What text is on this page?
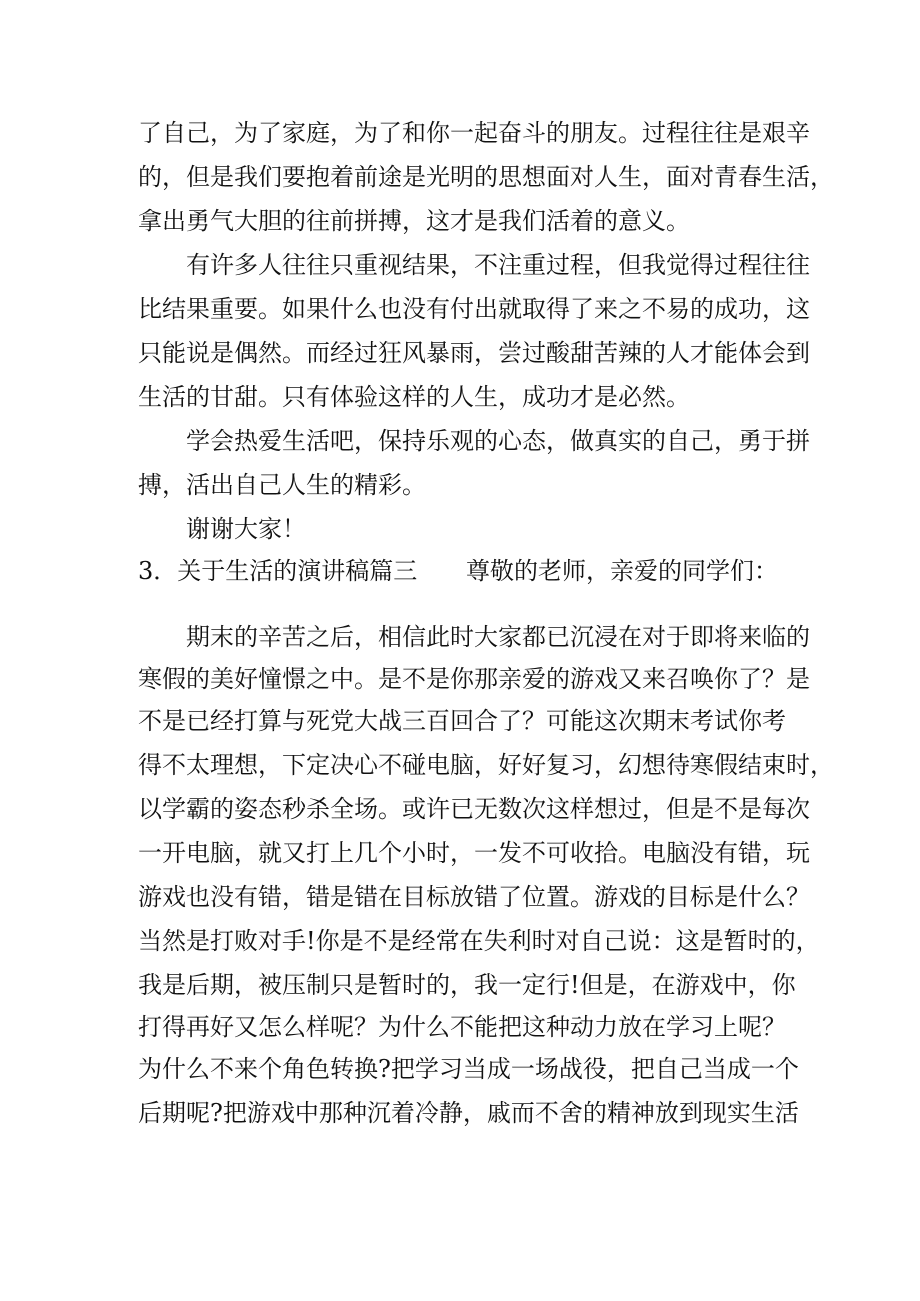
了自己，为了家庭，为了和你一起奋斗的朋友。过程往往是艰辛
的，但是我们要抱着前途是光明的思想面对人生，面对青春生活，
拿出勇气大胆的往前拼搏，这才是我们活着的意义。
有许多人往往只重视结果，不注重过程，但我觉得过程往往
比结果重要。如果什么也没有付出就取得了来之不易的成功，这
只能说是偶然。而经过狂风暴雨，尝过酸甜苦辣的人才能体会到
生活的甘甜。只有体验这样的人生，成功才是必然。
学会热爱生活吧，保持乐观的心态，做真实的自己，勇于拼
搏，活出自己人生的精彩。
谢谢大家！
3．关于生活的演讲稿篇三 尊敬的老师，亲爱的同学们：
期末的辛苦之后，相信此时大家都已沉浸在对于即将来临的
寒假的美好憧憬之中。是不是你那亲爱的游戏又来召唤你了？是
不是已经打算与死党大战三百回合了？可能这次期末考试你考
得不太理想，下定决心不碰电脑，好好复习，幻想待寒假结束时，
以学霸的姿态秒杀全场。或许已无数次这样想过，但是不是每次
一开电脑，就又打上几个小时，一发不可收拾。电脑没有错，玩
游戏也没有错，错是错在目标放错了位置。游戏的目标是什么？
当然是打败对手!你是不是经常在失利时对自己说：这是暂时的，
我是后期，被压制只是暂时的，我一定行!但是，在游戏中，你
打得再好又怎么样呢？为什么不能把这种动力放在学习上呢？
为什么不来个角色转换?把学习当成一场战役，把自己当成一个
后期呢?把游戏中那种沉着冷静，戚而不舍的精神放到现实生活
